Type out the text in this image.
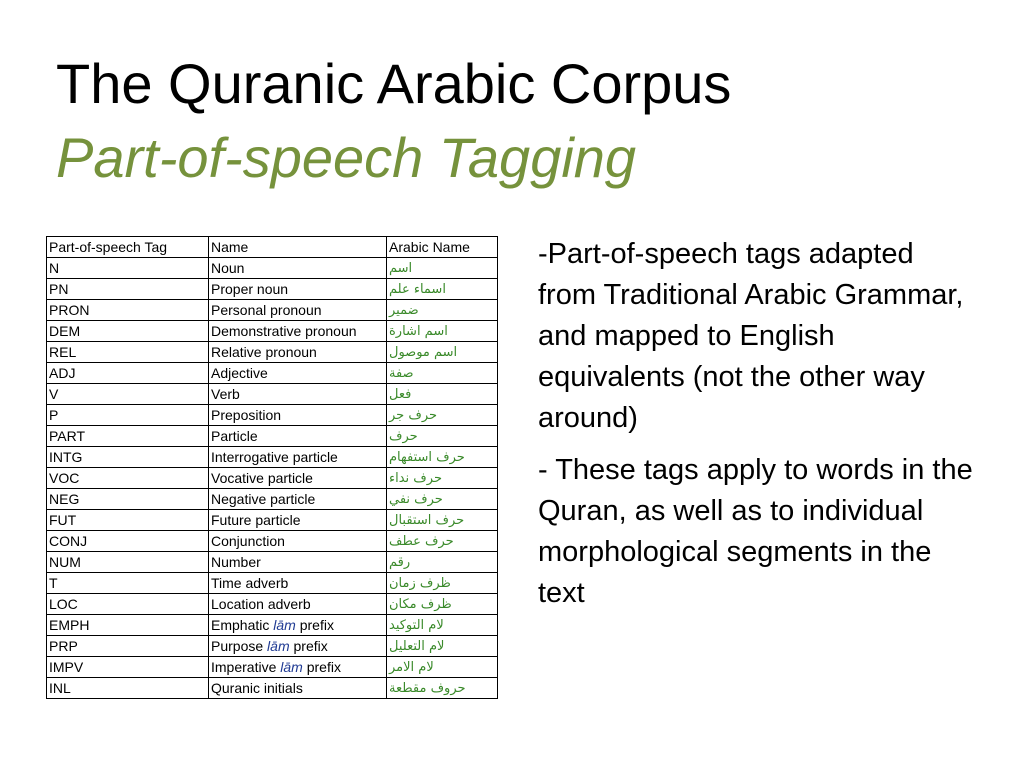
The Quranic Arabic Corpus
Part-of-speech Tagging
Part-of-speech Tag	Name	Arabic Name
N	Noun	اسم
PN	Proper noun	اسماء علم
PRON	Personal pronoun	ضمير
DEM	Demonstrative pronoun	اسم اشارة
REL	Relative pronoun	اسم موصول
ADJ	Adjective	صفة
V	Verb	فعل
P	Preposition	حرف جر
PART	Particle	حرف
INTG	Interrogative particle	حرف استفهام
VOC	Vocative particle	حرف نداء
NEG	Negative particle	حرف نفي
FUT	Future particle	حرف استقبال
CONJ	Conjunction	حرف عطف
NUM	Number	رقم
T	Time adverb	ظرف زمان
LOC	Location adverb	ظرف مكان
EMPH	Emphatic lām prefix	لام التوكيد
PRP	Purpose lām prefix	لام التعليل
IMPV	Imperative lām prefix	لام الامر
INL	Quranic initials	حروف مقطعة

-Part-of-speech tags adapted from Traditional Arabic Grammar, and mapped to English equivalents (not the other way around)

- These tags apply to words in the Quran, as well as to individual morphological segments in the text
